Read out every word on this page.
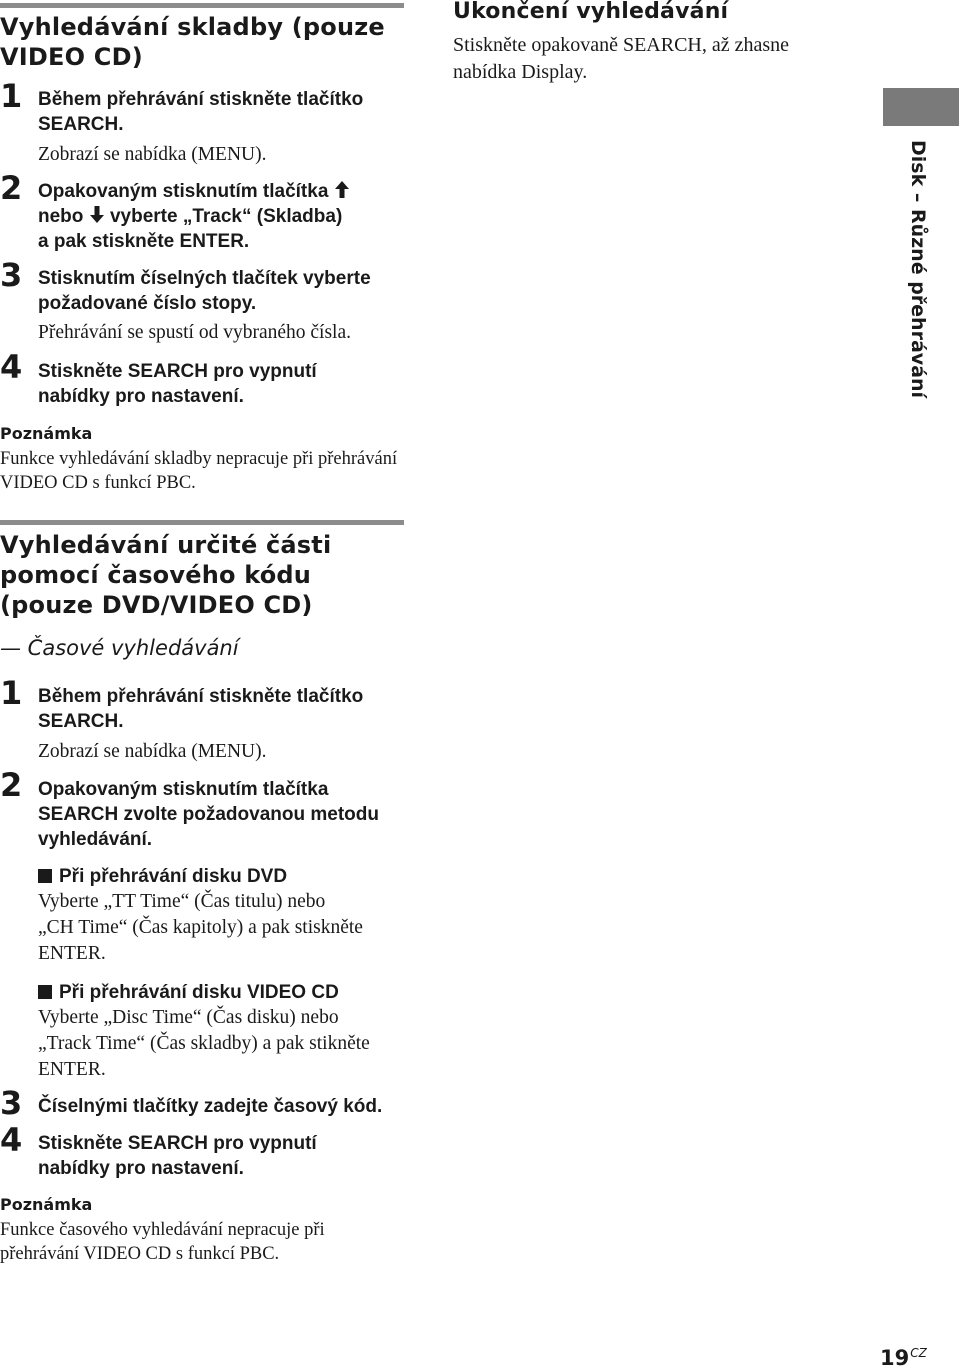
Vyhledávání skladby (pouze
VIDEO CD)
1 Během přehrávání stiskněte tlačítko
SEARCH.

Zobrazí se nabídka (MENU).

2 Opakovaným stisknutím tlačítka
nebo vyberte „Track“ (Skladba)
a pak stiskněte ENTER.

3 Stisknutím číselných tlačítek vyberte
požadované číslo stopy.

Přehrávání se spustí od vybraného čísla.

4 Stiskněte SEARCH pro vypnutí
nabídky pro nastavení.

Poznámka

Funkce vyhledávání skladby nepracuje při přehrávání
VIDEO CD s funkcí PBC.

Ukončení vyhledávání

Stiskněte opakovaně SEARCH, až zhasne
nabídka Display.

Disk – Různé přehrávání
Vyhledávání určité části
pomocí časového kódu
(pouze DVD/VIDEO CD)
— Časové vyhledávání
1 Během přehrávání stiskněte tlačítko
SEARCH.

Zobrazí se nabídka (MENU).

2 Opakovaným stisknutím tlačítka
SEARCH zvolte požadovanou metodu
vyhledávání.

Při přehrávání disku DVD

Vyberte „TT Time“ (Čas titulu) nebo
„CH Time“ (Čas kapitoly) a pak stiskněte
ENTER.

Při přehrávání disku VIDEO CD

Vyberte „Disc Time“ (Čas disku) nebo
„Track Time“ (Čas skladby) a pak stikněte
ENTER.

3 Číselnými tlačítky zadejte časový kód.

4 Stiskněte SEARCH pro vypnutí
nabídky pro nastavení.

Poznámka

Funkce časového vyhledávání nepracuje při
přehrávání VIDEO CD s funkcí PBC.

$19^{CZ}$
